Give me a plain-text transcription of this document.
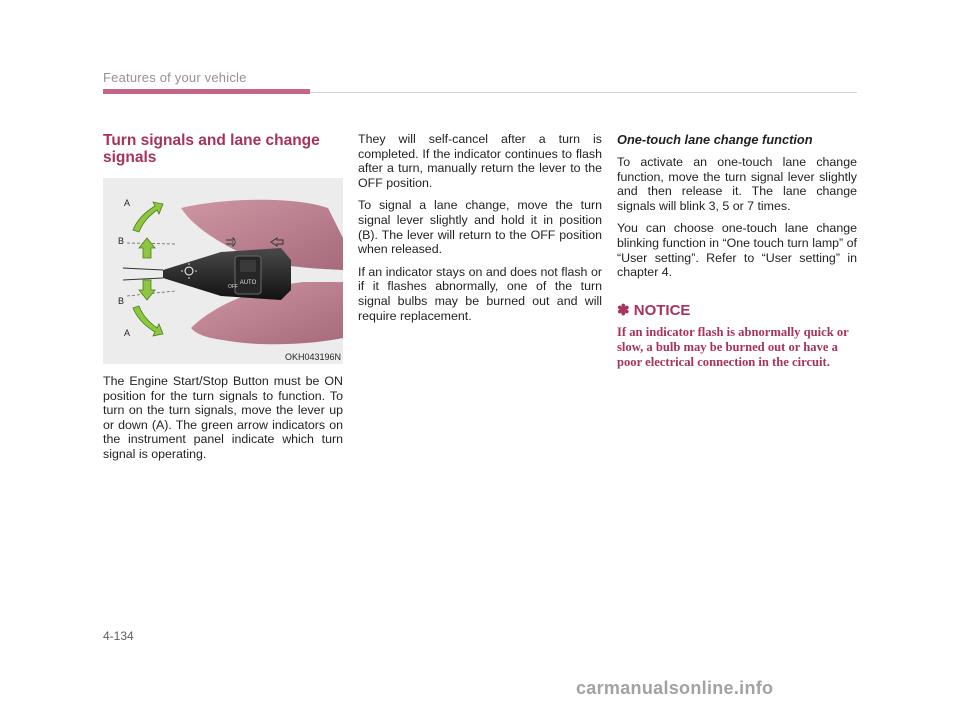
Features of your vehicle
Turn signals and lane change signals
AUTO
OFF
A
B
B
A
OKH043196N

The Engine Start/Stop Button must be ON position for the turn signals to function. To turn on the turn signals, move the lever up or down (A). The green arrow indicators on the instrument panel indicate which turn signal is operating.

They will self-cancel after a turn is completed. If the indicator continues to flash after a turn, manually return the lever to the OFF position.

To signal a lane change, move the turn signal lever slightly and hold it in position (B). The lever will return to the OFF position when released.

If an indicator stays on and does not flash or if it flashes abnormally, one of the turn signal bulbs may be burned out and will require replacement.

One-touch lane change function

To activate an one-touch lane change function, move the turn signal lever slightly and then release it. The lane change signals will blink 3, 5 or 7 times.

You can choose one-touch lane change blinking function in “One touch turn lamp” of “User setting”. Refer to “User setting” in chapter 4.

✽ NOTICE

If an indicator flash is abnormally quick or slow, a bulb may be burned out or have a poor electrical connection in the circuit.

4-134
carmanualsonline.info
